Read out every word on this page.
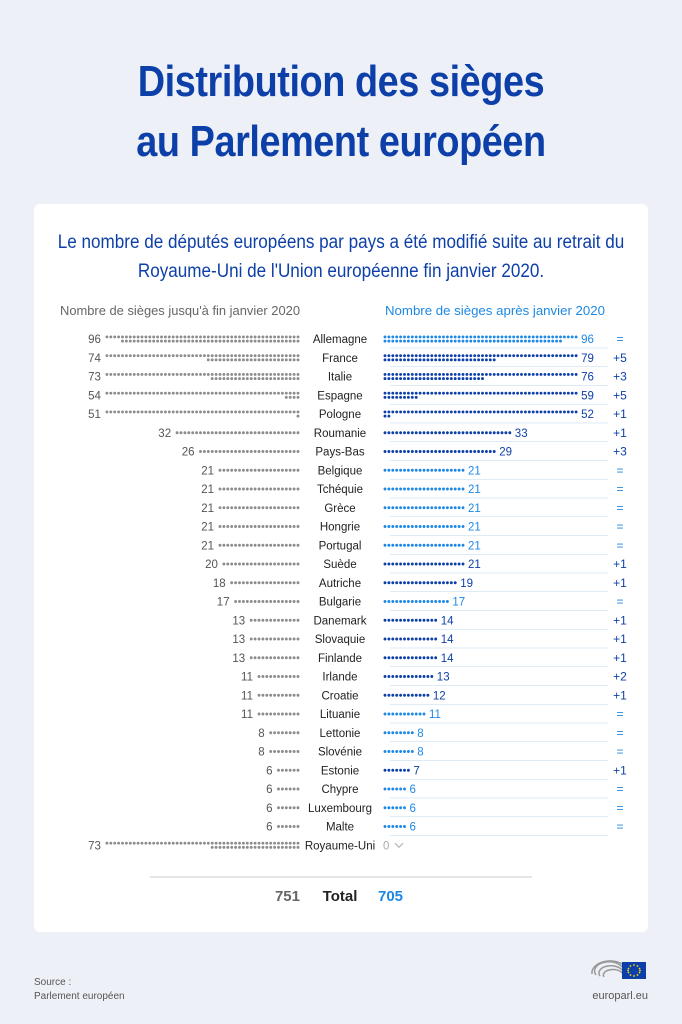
Distribution des sièges
au Parlement européen
Le nombre de députés européens par pays a été modifié suite au retrait du
Royaume-Uni de l'Union européenne fin janvier 2020.
Nombre de sièges jusqu'à fin janvier 2020	Nombre de sièges après janvier 2020
Allemagne
96	96 =
France
74	79 +5
Italie
73	76 +3
Espagne
54	59 +5
Pologne
51	52 +1
Roumanie
32	33	+1
Pays-Bas
26	29	+3
Belgique
21	21	=
Tchéquie
21	21	=
Grèce
21	21	=
Hongrie
21	21	=
Portugal
21	21	=
Suède
20	21	+1
Autriche
18	19	+1
Bulgarie
17	17	=
Danemark
13	14	+1
Slovaquie
13	14	+1
Finlande
13	14	+1
Irlande
11	13	+2
Croatie
11	12	+1
Lituanie
11	11	=
Lettonie
8	8	=
Slovénie
8	8	=
Estonie
6	7	+1
Chypre
6	6	=
Luxembourg
6	6	=
Malte
6	6	=
Royaume-Uni
73	0
751 Total 705
Source :
Parlement européen	europarl.eu
